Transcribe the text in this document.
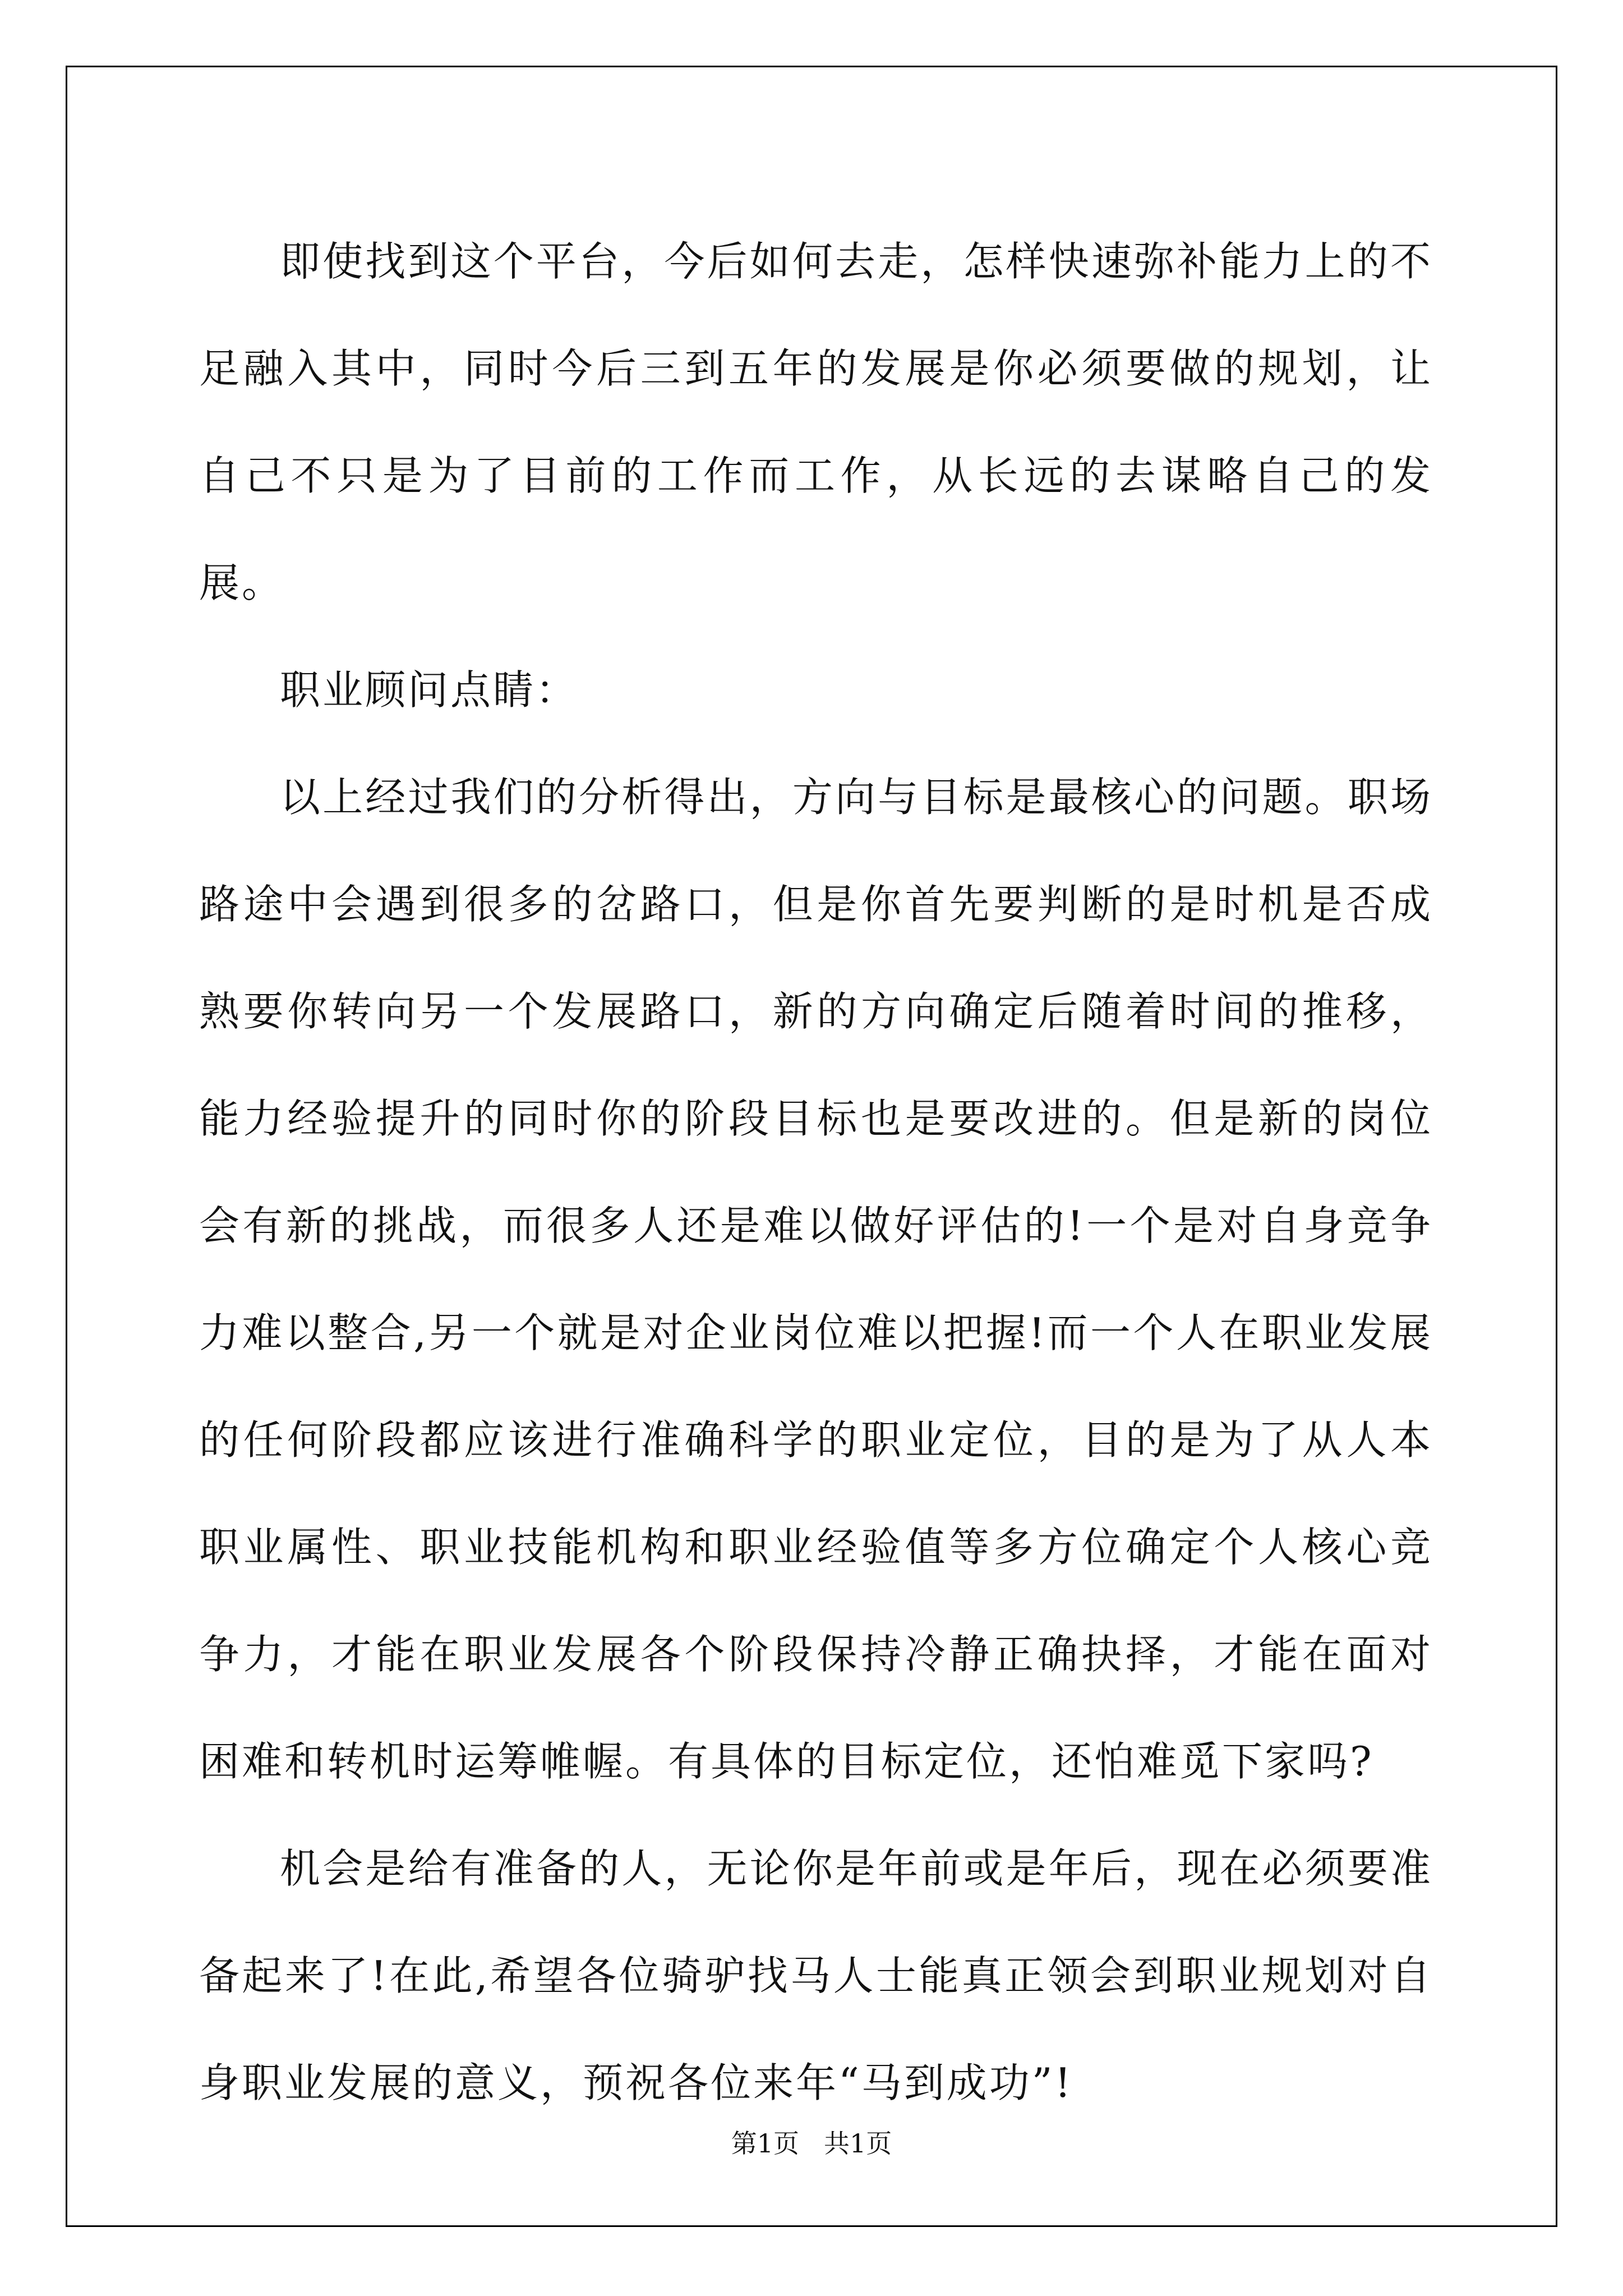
即使找到这个平台，今后如何去走，怎样快速弥补能力上的不足融入其中，同时今后三到五年的发展是你必须要做的规划，让自己不只是为了目前的工作而工作，从长远的去谋略自己的发展。

职业顾问点睛：

以上经过我们的分析得出，方向与目标是最核心的问题。职场路途中会遇到很多的岔路口，但是你首先要判断的是时机是否成熟要你转向另一个发展路口，新的方向确定后随着时间的推移，能力经验提升的同时你的阶段目标也是要改进的。但是新的岗位会有新的挑战，而很多人还是难以做好评估的!一个是对自身竞争力难以整合,另一个就是对企业岗位难以把握!而一个人在职业发展的任何阶段都应该进行准确科学的职业定位，目的是为了从人本职业属性、职业技能机构和职业经验值等多方位确定个人核心竞争力，才能在职业发展各个阶段保持冷静正确抉择，才能在面对困难和转机时运筹帷幄。有具体的目标定位，还怕难觅下家吗?

机会是给有准备的人，无论你是年前或是年后，现在必须要准备起来了!在此,希望各位骑驴找马人士能真正领会到职业规划对自身职业发展的意义，预祝各位来年“马到成功”!

第1页 共1页
